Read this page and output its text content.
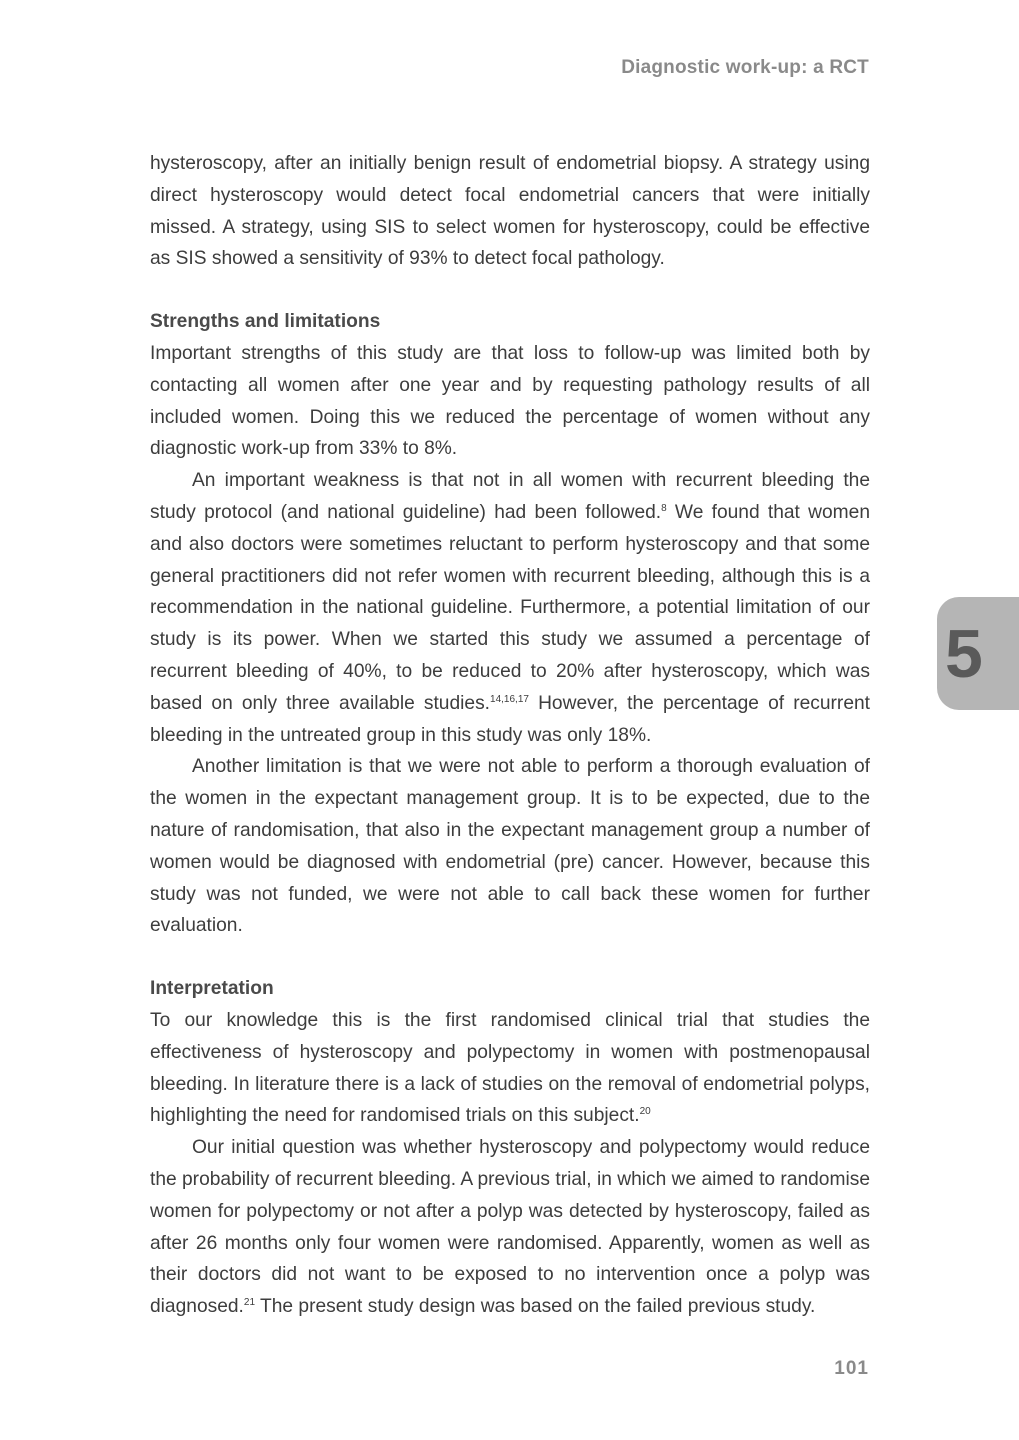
Diagnostic work-up: a RCT

hysteroscopy, after an initially benign result of endometrial biopsy. A strategy using direct hysteroscopy would detect focal endometrial cancers that were initially missed. A strategy, using SIS to select women for hysteroscopy, could be effective as SIS showed a sensitivity of 93% to detect focal pathology.

Strengths and limitations

Important strengths of this study are that loss to follow-up was limited both by contacting all women after one year and by requesting pathology results of all included women. Doing this we reduced the percentage of women without any diagnostic work-up from 33% to 8%.

An important weakness is that not in all women with recurrent bleeding the study protocol (and national guideline) had been followed.$^8$ We found that women and also doctors were sometimes reluctant to perform hysteroscopy and that some general practitioners did not refer women with recurrent bleeding, although this is a recommendation in the national guideline. Furthermore, a potential limitation of our study is its power. When we started this study we assumed a percentage of recurrent bleeding of 40%, to be reduced to 20% after hysteroscopy, which was based on only three available studies.$^{14,16,17}$ However, the percentage of recurrent bleeding in the untreated group in this study was only 18%.

Another limitation is that we were not able to perform a thorough evaluation of the women in the expectant management group. It is to be expected, due to the nature of randomisation, that also in the expectant management group a number of women would be diagnosed with endometrial (pre) cancer. However, because this study was not funded, we were not able to call back these women for further evaluation.

Interpretation

To our knowledge this is the first randomised clinical trial that studies the effectiveness of hysteroscopy and polypectomy in women with postmenopausal bleeding. In literature there is a lack of studies on the removal of endometrial polyps, highlighting the need for randomised trials on this subject.$^{20}$

Our initial question was whether hysteroscopy and polypectomy would reduce the probability of recurrent bleeding. A previous trial, in which we aimed to randomise women for polypectomy or not after a polyp was detected by hysteroscopy, failed as after 26 months only four women were randomised. Apparently, women as well as their doctors did not want to be exposed to no intervention once a polyp was diagnosed.$^{21}$ The present study design was based on the failed previous study.

5
101
